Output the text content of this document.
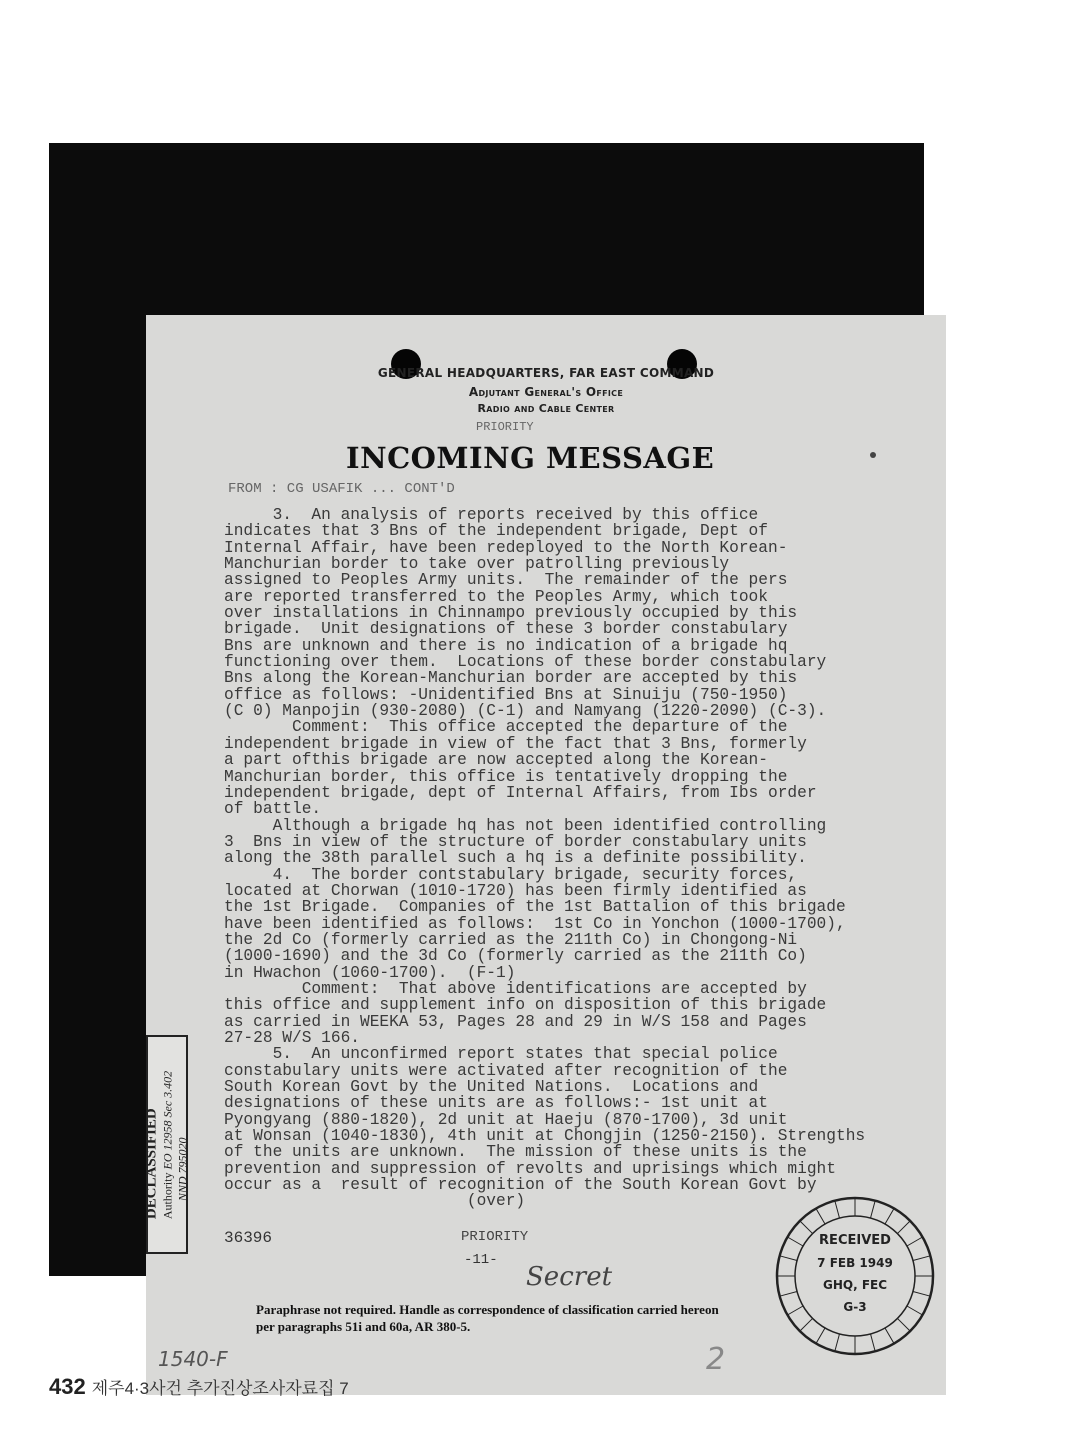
GENERAL HEADQUARTERS, FAR EAST COMMAND
Adjutant General's Office
Radio and Cable Center
PRIORITY
INCOMING MESSAGE
FROM : CG USAFIK ... CONT'D
3.  An analysis of reports received by this office
indicates that 3 Bns of the independent brigade, Dept of
Internal Affair, have been redeployed to the North Korean-
Manchurian border to take over patrolling previously
assigned to Peoples Army units.  The remainder of the pers
are reported transferred to the Peoples Army, which took
over installations in Chinnampo previously occupied by this
brigade.  Unit designations of these 3 border constabulary
Bns are unknown and there is no indication of a brigade hq
functioning over them.  Locations of these border constabulary
Bns along the Korean-Manchurian border are accepted by this
office as follows: -Unidentified Bns at Sinuiju (750-1950)
(C 0) Manpojin (930-2080) (C-1) and Namyang (1220-2090) (C-3).
Comment:  This office accepted the departure of the
independent brigade in view of the fact that 3 Bns, formerly
a part ofthis brigade are now accepted along the Korean-
Manchurian border, this office is tentatively dropping the
independent brigade, dept of Internal Affairs, from Ibs order
of battle.
Although a brigade hq has not been identified controlling
3  Bns in view of the structure of border constabulary units
along the 38th parallel such a hq is a definite possibility.
4.  The border contstabulary brigade, security forces,
located at Chorwan (1010-1720) has been firmly identified as
the 1st Brigade.  Companies of the 1st Battalion of this brigade
have been identified as follows:  1st Co in Yonchon (1000-1700),
the 2d Co (formerly carried as the 211th Co) in Chongong-Ni
(1000-1690) and the 3d Co (formerly carried as the 211th Co)
in Hwachon (1060-1700).  (F-1)
Comment:  That above identifications are accepted by
this office and supplement info on disposition of this brigade
as carried in WEEKA 53, Pages 28 and 29 in W/S 158 and Pages
27-28 W/S 166.
5.  An unconfirmed report states that special police
constabulary units were activated after recognition of the
South Korean Govt by the United Nations.  Locations and
designations of these units are as follows:- 1st unit at
Pyongyang (880-1820), 2d unit at Haeju (870-1700), 3d unit
at Wonsan (1040-1830), 4th unit at Chongjin (1250-2150). Strengths
of the units are unknown.  The mission of these units is the
prevention and suppression of revolts and uprisings which might
occur as a  result of recognition of the South Korean Govt by
(over)
36396	PRIORITY
-11-
Secret
Paraphrase not required. Handle as correspondence of classification carried hereon
per paragraphs 51i and 60a, AR 380-5.
DECLASSIFIED Authority EO 12958 Sec 3.402 NND 795020
RECEIVED
7 FEB 1949
GHQ, FEC
G-3
1540-F	2
432 제주4·3사건 추가진상조사자료집 7
